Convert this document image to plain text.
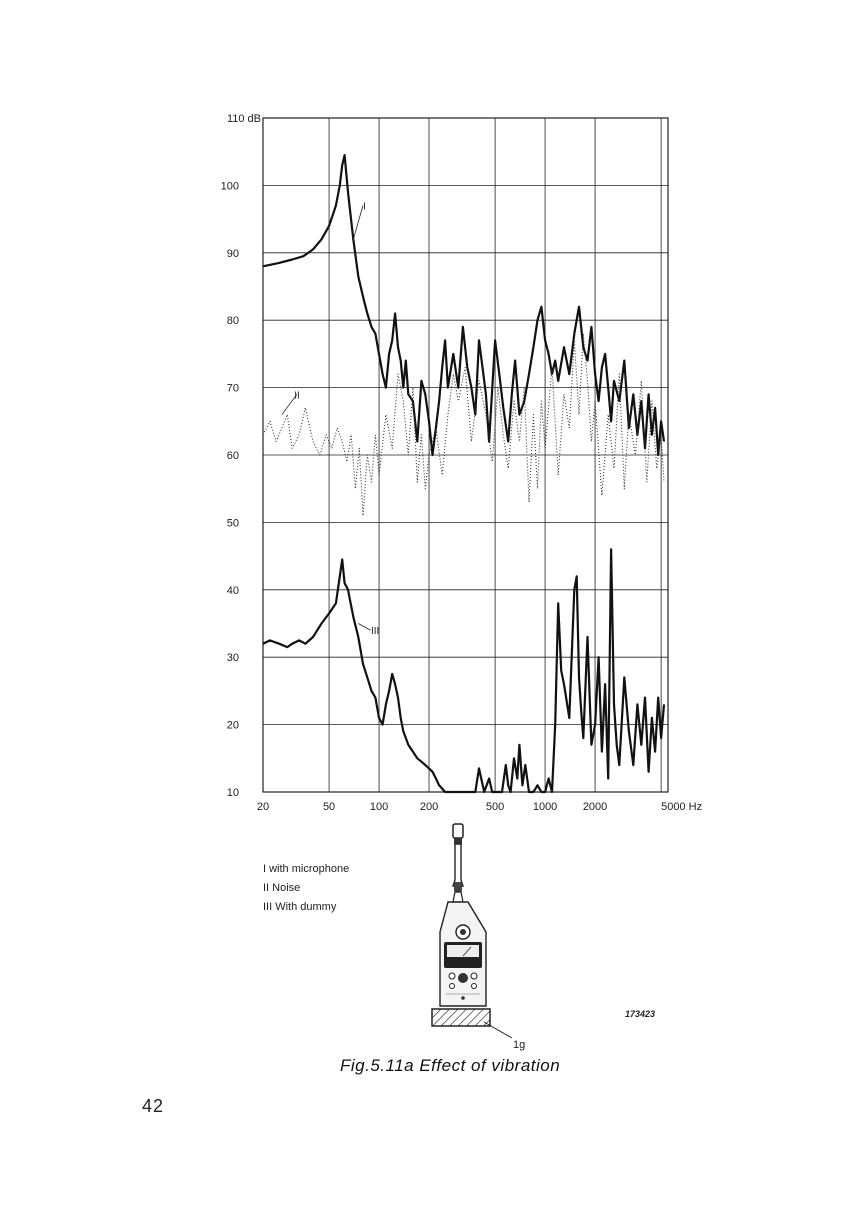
110 dB
100
90
80
70
60
50
40
30
20
10
20	50	100	200	500	1000 2000	5000 Hz
I
II
III
I with microphone
II Noise
III With dummy
1g
173423
Fig.5.11a Effect of vibration
42
